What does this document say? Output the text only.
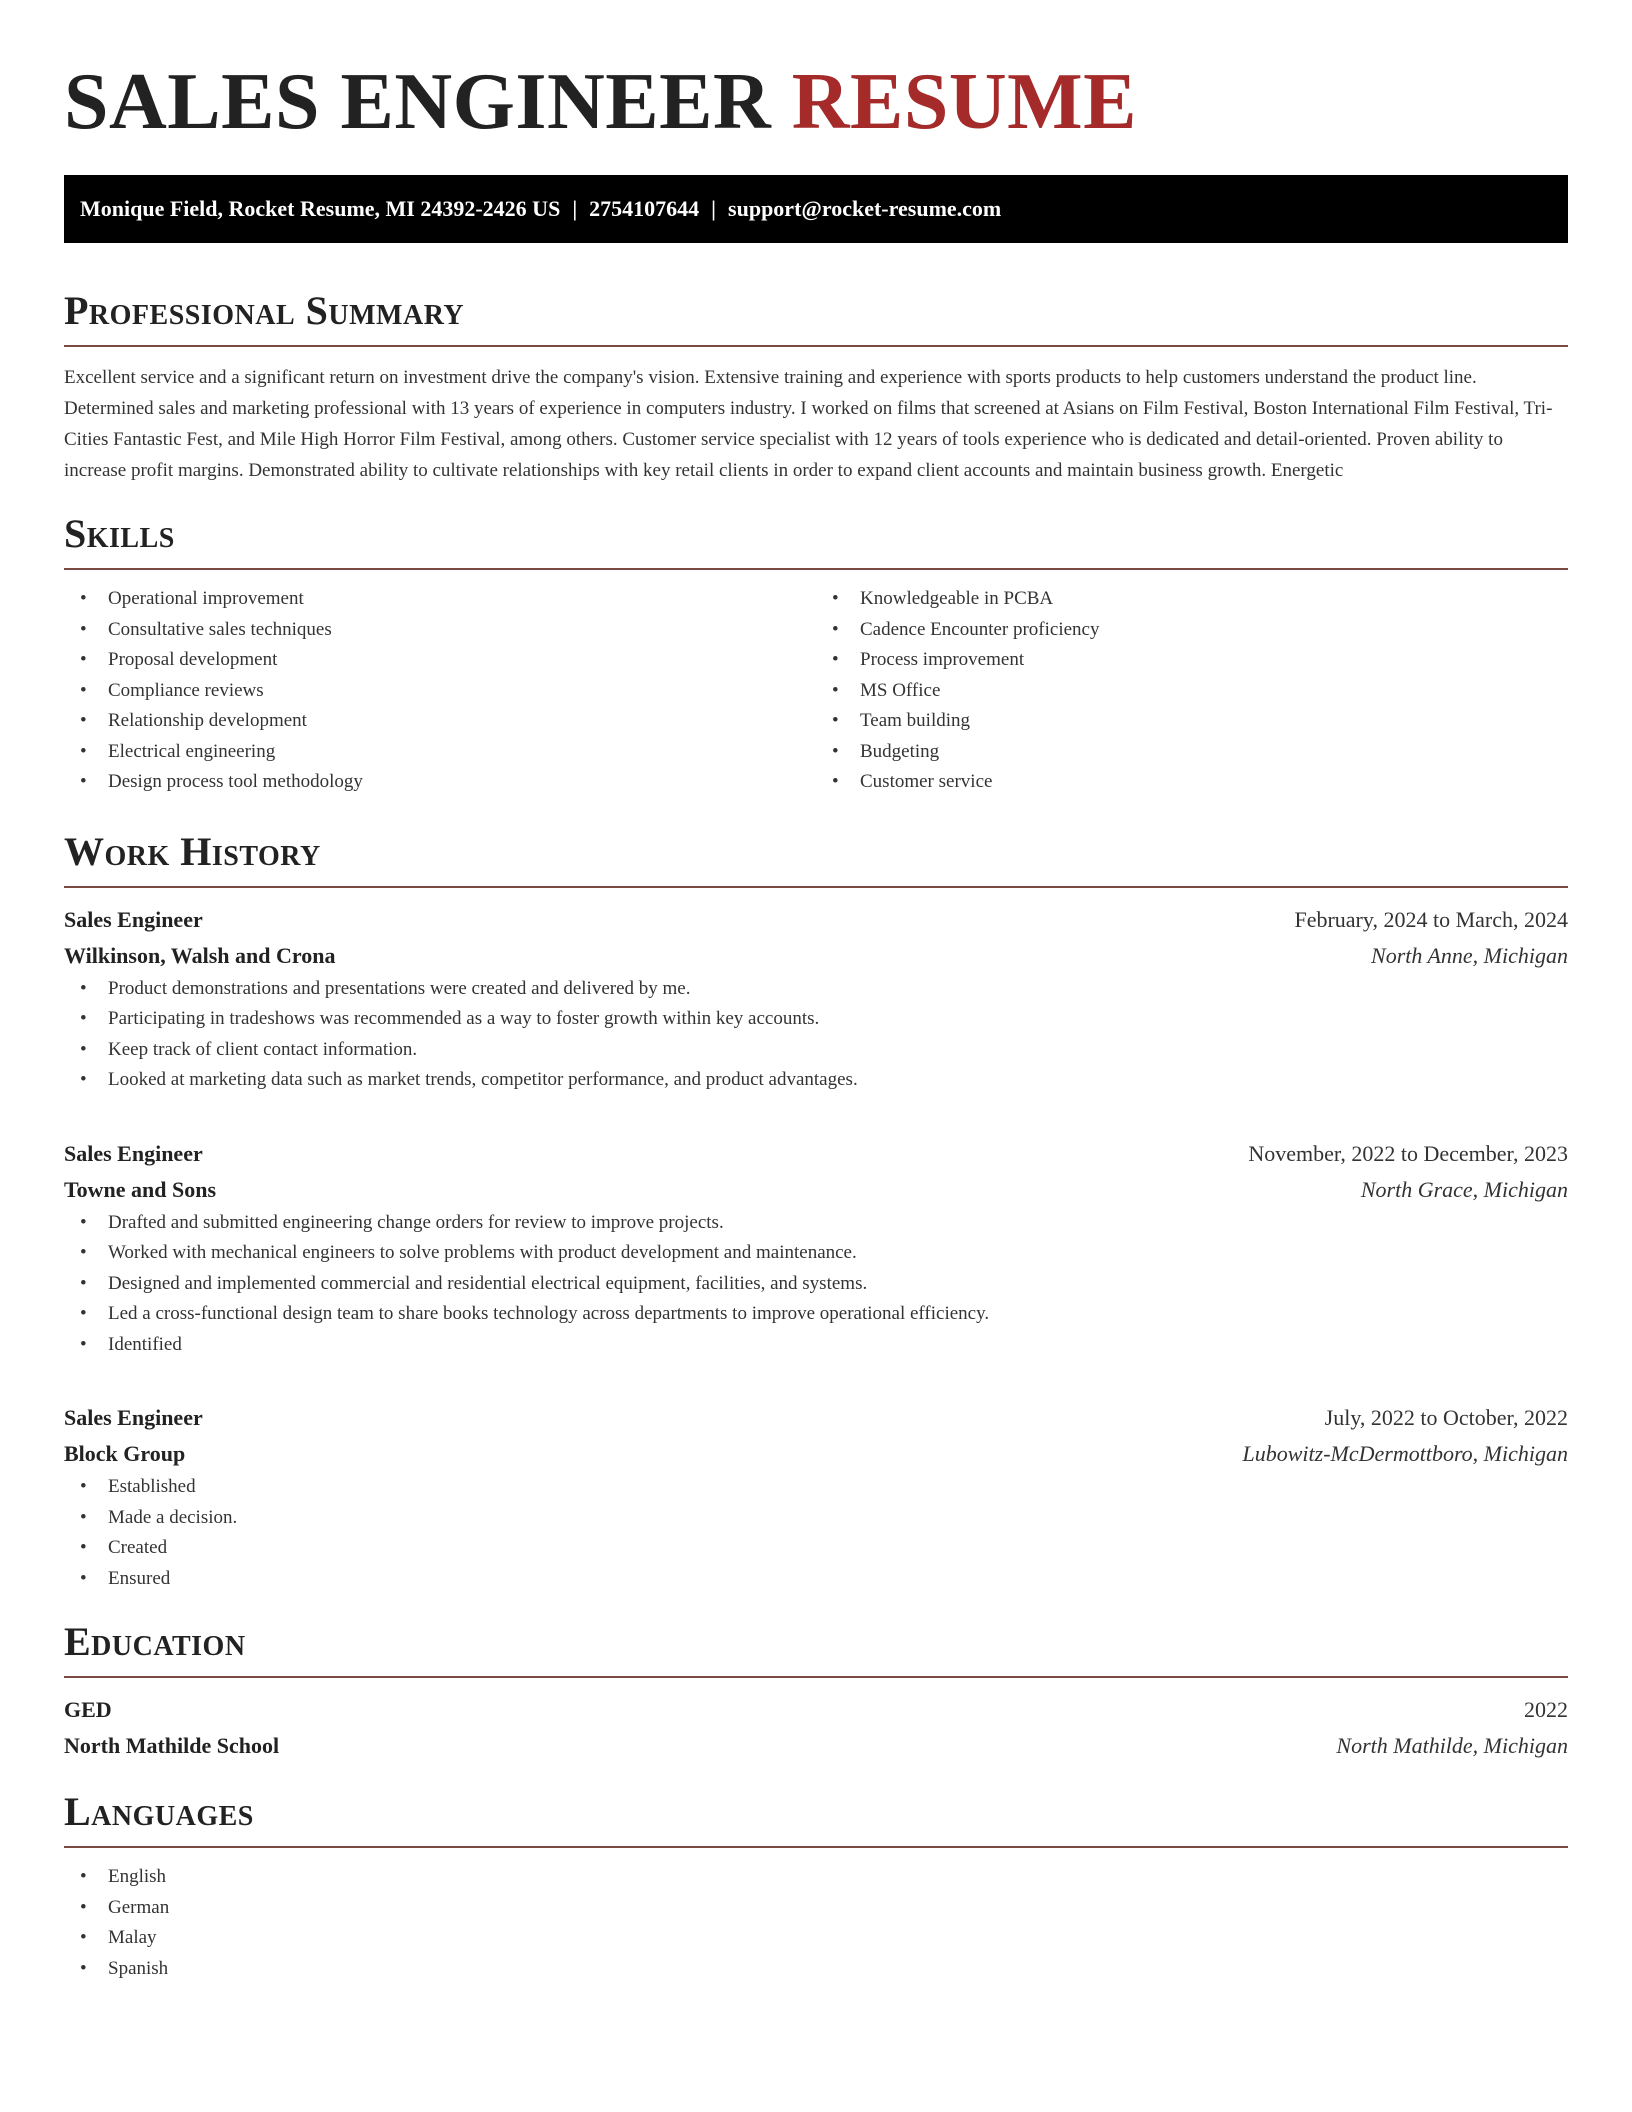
SALES ENGINEER RESUME
Monique Field, Rocket Resume, MI 24392-2426 US | 2754107644 | support@rocket-resume.com
Professional Summary

Excellent service and a significant return on investment drive the company's vision. Extensive training and experience with sports products to help customers understand the product line. Determined sales and marketing professional with 13 years of experience in computers industry. I worked on films that screened at Asians on Film Festival, Boston International Film Festival, Tri-Cities Fantastic Fest, and Mile High Horror Film Festival, among others. Customer service specialist with 12 years of tools experience who is dedicated and detail-oriented. Proven ability to increase profit margins. Demonstrated ability to cultivate relationships with key retail clients in order to expand client accounts and maintain business growth. Energetic

Skills
• Operational improvement
• Consultative sales techniques
• Proposal development
• Compliance reviews
• Relationship development
• Electrical engineering
• Design process tool methodology
• Knowledgeable in PCBA
• Cadence Encounter proficiency
• Process improvement
• MS Office
• Team building
• Budgeting
• Customer service
Work History
Sales Engineer	February, 2024 to March, 2024
Wilkinson, Walsh and Crona	North Anne, Michigan
• Product demonstrations and presentations were created and delivered by me.
• Participating in tradeshows was recommended as a way to foster growth within key accounts.
• Keep track of client contact information.
• Looked at marketing data such as market trends, competitor performance, and product advantages.
Sales Engineer	November, 2022 to December, 2023
Towne and Sons	North Grace, Michigan
• Drafted and submitted engineering change orders for review to improve projects.
• Worked with mechanical engineers to solve problems with product development and maintenance.
• Designed and implemented commercial and residential electrical equipment, facilities, and systems.
• Led a cross-functional design team to share books technology across departments to improve operational efficiency.
• Identified
Sales Engineer	July, 2022 to October, 2022
Block Group	Lubowitz-McDermottboro, Michigan
• Established
• Made a decision.
• Created
• Ensured
Education
GED	2022
North Mathilde School	North Mathilde, Michigan
Languages
• English
• German
• Malay
• Spanish
